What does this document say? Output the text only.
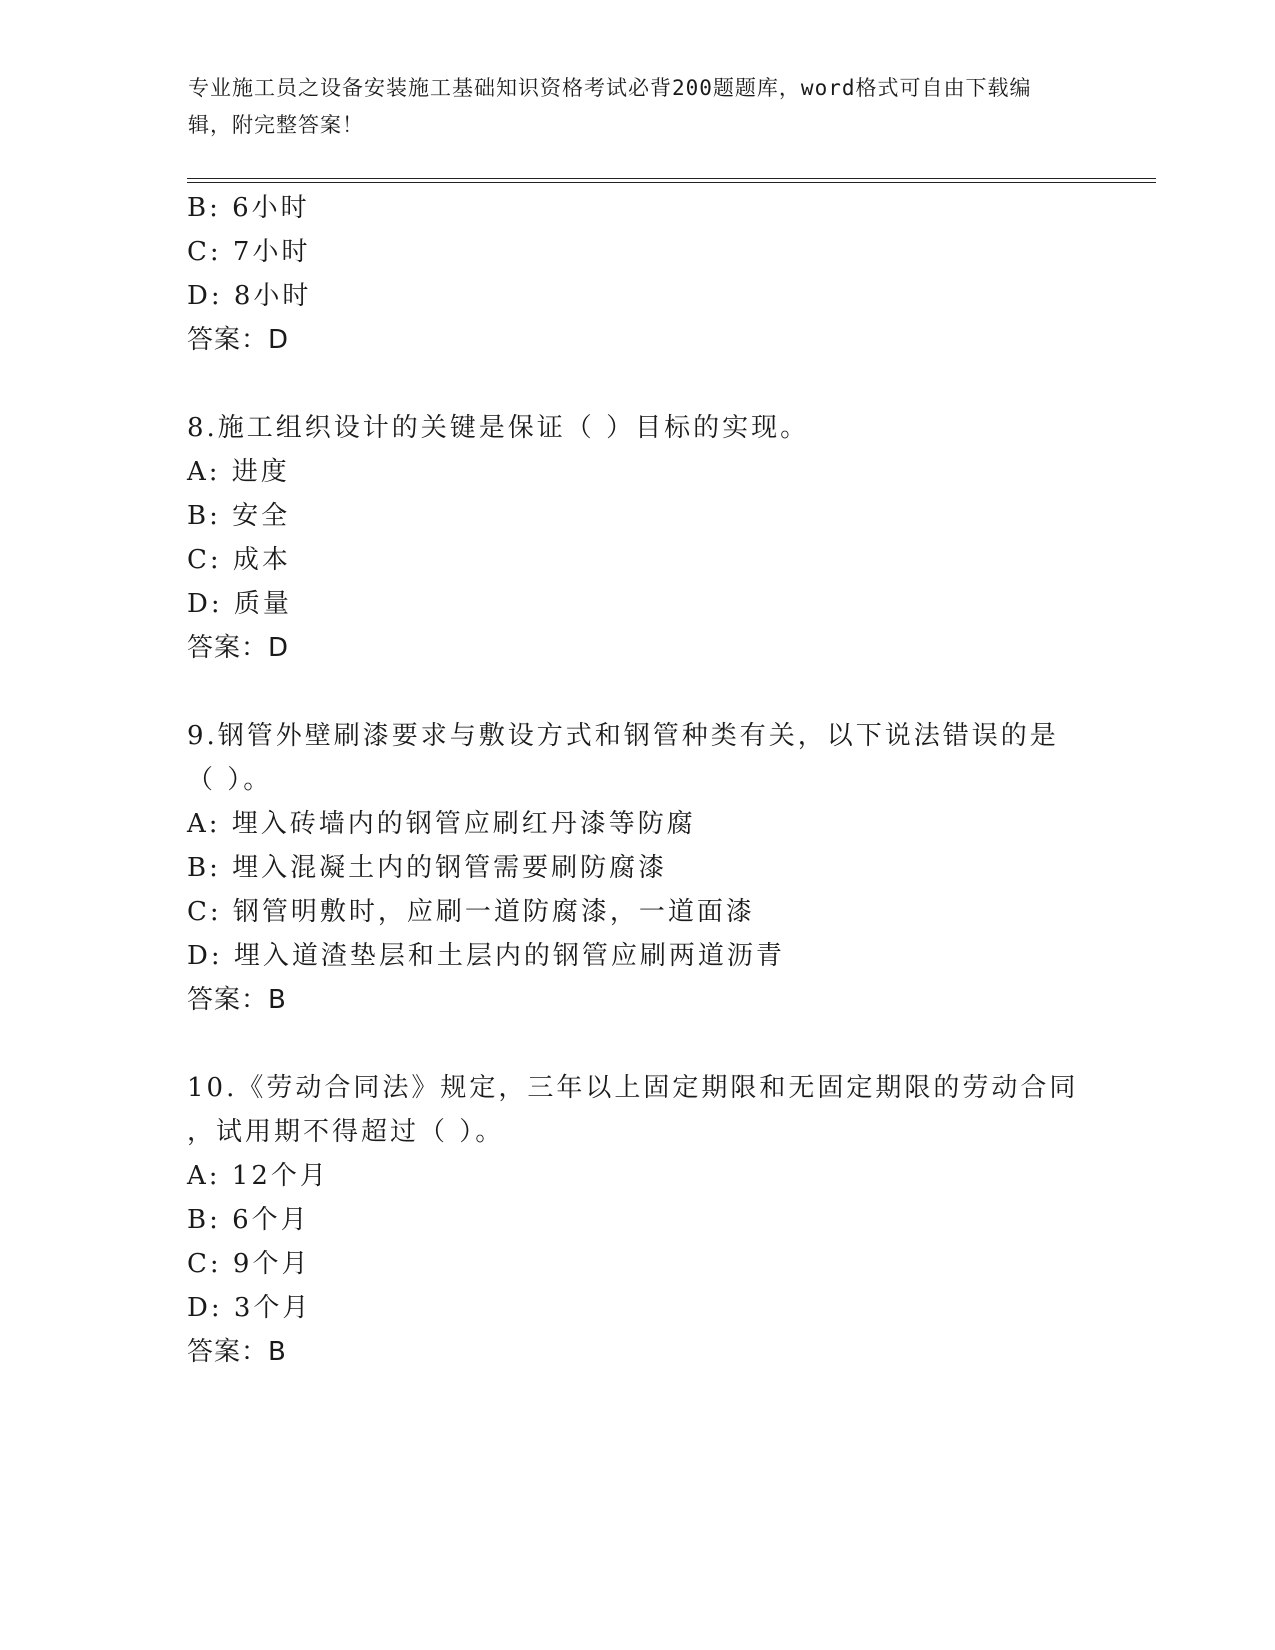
专业施工员之设备安装施工基础知识资格考试必背200题题库，word格式可自由下载编辑，附完整答案！
B: 6小时
C: 7小时
D: 8小时
答案：D
8.施工组织设计的关键是保证（ ）目标的实现。
A: 进度
B: 安全
C: 成本
D: 质量
答案：D
9.钢管外壁刷漆要求与敷设方式和钢管种类有关，以下说法错误的是
（ ）。
A: 埋入砖墙内的钢管应刷红丹漆等防腐
B: 埋入混凝土内的钢管需要刷防腐漆
C: 钢管明敷时，应刷一道防腐漆，一道面漆
D: 埋入道渣垫层和土层内的钢管应刷两道沥青
答案：B
10.《劳动合同法》规定，三年以上固定期限和无固定期限的劳动合同
，试用期不得超过（ ）。
A: 12个月
B: 6个月
C: 9个月
D: 3个月
答案：B
